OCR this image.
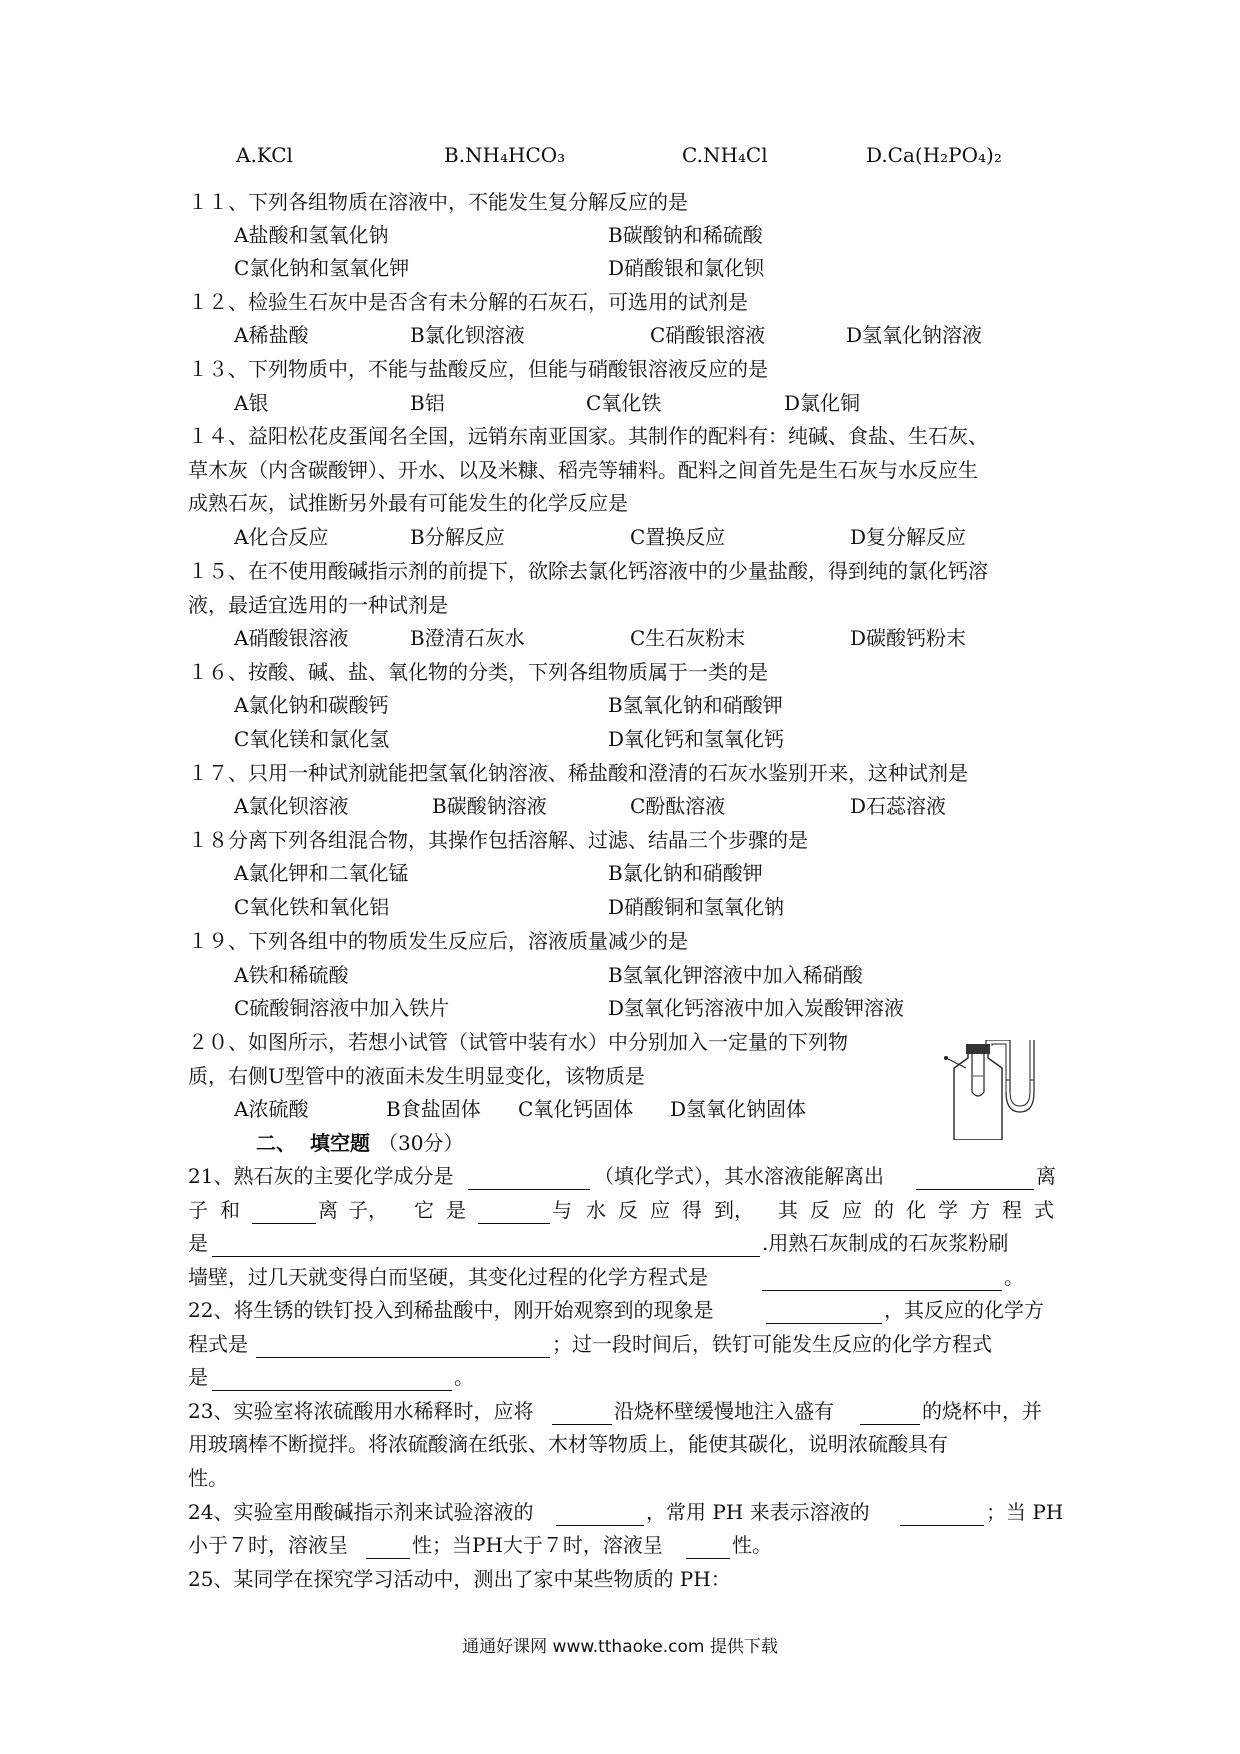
A.KCl	B.NH₄HCO₃	C.NH₄Cl	D.Ca(H₂PO₄)₂
１１、下列各组物质在溶液中，不能发生复分解反应的是
A盐酸和氢氧化钠	B碳酸钠和稀硫酸
C氯化钠和氢氧化钾	D硝酸银和氯化钡
１２、检验生石灰中是否含有未分解的石灰石，可选用的试剂是
A稀盐酸	B氯化钡溶液	C硝酸银溶液	D氢氧化钠溶液
１３、下列物质中，不能与盐酸反应，但能与硝酸银溶液反应的是
A银	B铝	C氧化铁	D氯化铜
１４、益阳松花皮蛋闻名全国，远销东南亚国家。其制作的配料有：纯碱、食盐、生石灰、
草木灰（内含碳酸钾）、开水、以及米糠、稻壳等辅料。配料之间首先是生石灰与水反应生
成熟石灰，试推断另外最有可能发生的化学反应是
A化合反应	B分解反应	C置换反应	D复分解反应
１５、在不使用酸碱指示剂的前提下，欲除去氯化钙溶液中的少量盐酸，得到纯的氯化钙溶
液，最适宜选用的一种试剂是
A硝酸银溶液	B澄清石灰水	C生石灰粉末	D碳酸钙粉末
１６、按酸、碱、盐、氧化物的分类，下列各组物质属于一类的是
A氯化钠和碳酸钙	B氢氧化钠和硝酸钾
C氧化镁和氯化氢	D氧化钙和氢氧化钙
１７、只用一种试剂就能把氢氧化钠溶液、稀盐酸和澄清的石灰水鉴别开来，这种试剂是
A氯化钡溶液	B碳酸钠溶液	C酚酞溶液	D石蕊溶液
１８分离下列各组混合物，其操作包括溶解、过滤、结晶三个步骤的是
A氯化钾和二氧化锰	B氯化钠和硝酸钾
C氧化铁和氧化铝	D硝酸铜和氢氧化钠
１９、下列各组中的物质发生反应后，溶液质量减少的是
A铁和稀硫酸	B氢氧化钾溶液中加入稀硝酸
C硫酸铜溶液中加入铁片	D氢氧化钙溶液中加入炭酸钾溶液
２０、如图所示，若想小试管（试管中装有水）中分别加入一定量的下列物
质，右侧U型管中的液面未发生明显变化，该物质是
A浓硫酸	B食盐固体 C氧化钙固体 D氢氧化钠固体
二、 填空题 （30分）
21、熟石灰的主要化学成分是	（填化学式），其水溶液能解离出	离
子 和	离 子， 它 是	与 水 反 应 得 到， 其 反 应 的 化 学 方 程 式
是	.用熟石灰制成的石灰浆粉刷
墙壁，过几天就变得白而坚硬，其变化过程的化学方程式是	。
22、将生锈的铁钉投入到稀盐酸中，刚开始观察到的现象是	，其反应的化学方
程式是	；过一段时间后，铁钉可能发生反应的化学方程式
是	。
23、实验室将浓硫酸用水稀释时，应将	沿烧杯壁缓慢地注入盛有	的烧杯中，并
用玻璃棒不断搅拌。将浓硫酸滴在纸张、木材等物质上，能使其碳化，说明浓硫酸具有
性。
24、实验室用酸碱指示剂来试验溶液的	，常用 PH 来表示溶液的	；当 PH
小于７时，溶液呈	性；当PH大于７时，溶液呈	性。
25、某同学在探究学习活动中，测出了家中某些物质的 PH：
通通好课网 www.tthaoke.com 提供下载
